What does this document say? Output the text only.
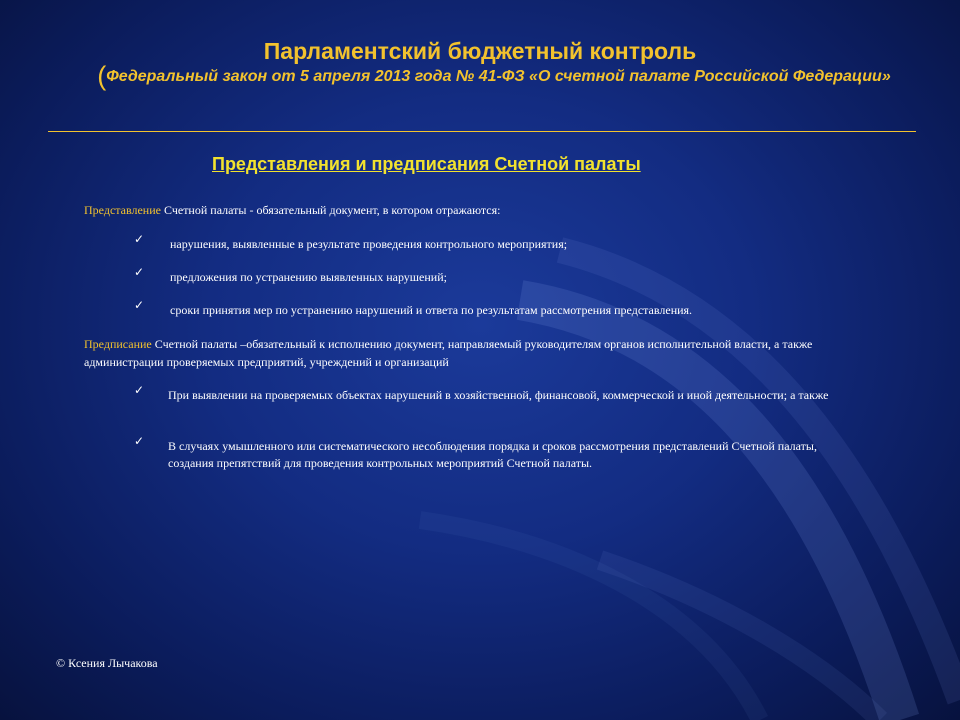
Парламентский бюджетный контроль
(Федеральный закон от 5 апреля 2013 года № 41-ФЗ «О счетной палате Российской Федерации»
Представления и предписания Счетной палаты
Представление Счетной палаты - обязательный документ, в котором отражаются:
✓ нарушения, выявленные в результате проведения контрольного мероприятия;
✓ предложения по устранению выявленных нарушений;
✓ сроки принятия мер по устранению нарушений и ответа по результатам рассмотрения представления.
Предписание Счетной палаты –обязательный к исполнению документ, направляемый руководителям органов исполнительной власти, а также администрации проверяемых предприятий, учреждений и организаций
✓ При выявлении на проверяемых объектах нарушений в хозяйственной, финансовой, коммерческой и иной деятельности; а также
✓ В случаях умышленного или систематического несоблюдения порядка и сроков рассмотрения представлений Счетной палаты, создания препятствий для проведения контрольных мероприятий Счетной палаты.
© Ксения Лычакова
